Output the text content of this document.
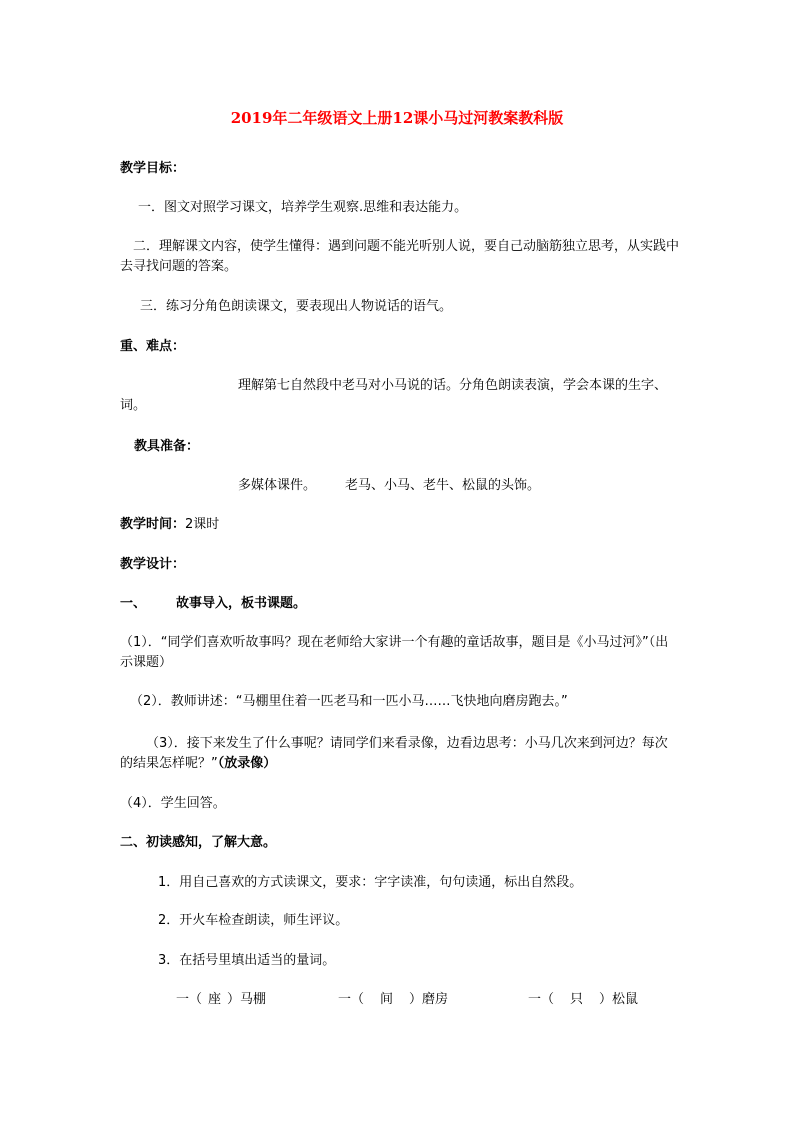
2019年二年级语文上册12课小马过河教案教科版
教学目标：
一．图文对照学习课文，培养学生观察.思维和表达能力。
二．理解课文内容，使学生懂得：遇到问题不能光听别人说，要自己动脑筋独立思考，从实践中去寻找问题的答案。
三．练习分角色朗读课文，要表现出人物说话的语气。
重、难点：
理解第七自然段中老马对小马说的话。分角色朗读表演，学会本课的生字、词。
教具准备：
多媒体课件。 老马、小马、老牛、松鼠的头饰。
教学时间：2课时
教学设计：
一、 故事导入，板书课题。
（1）．“同学们喜欢听故事吗？现在老师给大家讲一个有趣的童话故事，题目是《小马过河》”（出示课题）
（2）．教师讲述：“马棚里住着一匹老马和一匹小马……飞快地向磨房跑去。”
（3）．接下来发生了什么事呢？请同学们来看录像，边看边思考：小马几次来到河边？每次的结果怎样呢？”（放录像）
（4）．学生回答。
二、初读感知，了解大意。
1．用自己喜欢的方式读课文，要求：字字读准，句句读通，标出自然段。
2．开火车检查朗读，师生评议。
3．在括号里填出适当的量词。
一（ 座 ）马棚	一（ 间 ）磨房	一（ 只 ）松鼠
